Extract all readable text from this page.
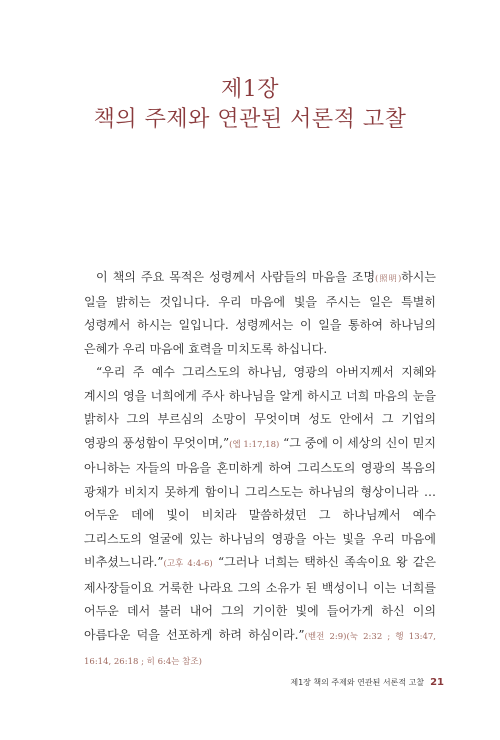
제1장
책의 주제와 연관된 서론적 고찰

이 책의 주요 목적은 성령께서 사람들의 마음을 조명(照明)하시는 일을 밝히는 것입니다. 우리 마음에 빛을 주시는 일은 특별히 성령께서 하시는 일입니다. 성령께서는 이 일을 통하여 하나님의 은혜가 우리 마음에 효력을 미치도록 하십니다.

“우리 주 예수 그리스도의 하나님, 영광의 아버지께서 지혜와 계시의 영을 너희에게 주사 하나님을 알게 하시고 너희 마음의 눈을 밝히사 그의 부르심의 소망이 무엇이며 성도 안에서 그 기업의 영광의 풍성함이 무엇이며,”(엡 1:17,18) “그 중에 이 세상의 신이 믿지 아니하는 자들의 마음을 혼미하게 하여 그리스도의 영광의 복음의 광채가 비치지 못하게 함이니 그리스도는 하나님의 형상이니라 … 어두운 데에 빛이 비치라 말씀하셨던 그 하나님께서 예수 그리스도의 얼굴에 있는 하나님의 영광을 아는 빛을 우리 마음에 비추셨느니라.”(고후 4:4-6) “그러나 너희는 택하신 족속이요 왕 같은 제사장들이요 거룩한 나라요 그의 소유가 된 백성이니 이는 너희를 어두운 데서 불러 내어 그의 기이한 빛에 들어가게 하신 이의 아름다운 덕을 선포하게 하려 하심이라.”(벧전 2:9)(눅 2:32 ; 행 13:47, 16:14, 26:18 ; 히 6:4는 참조)

제1장 책의 주제와 연관된 서론적 고찰 21
